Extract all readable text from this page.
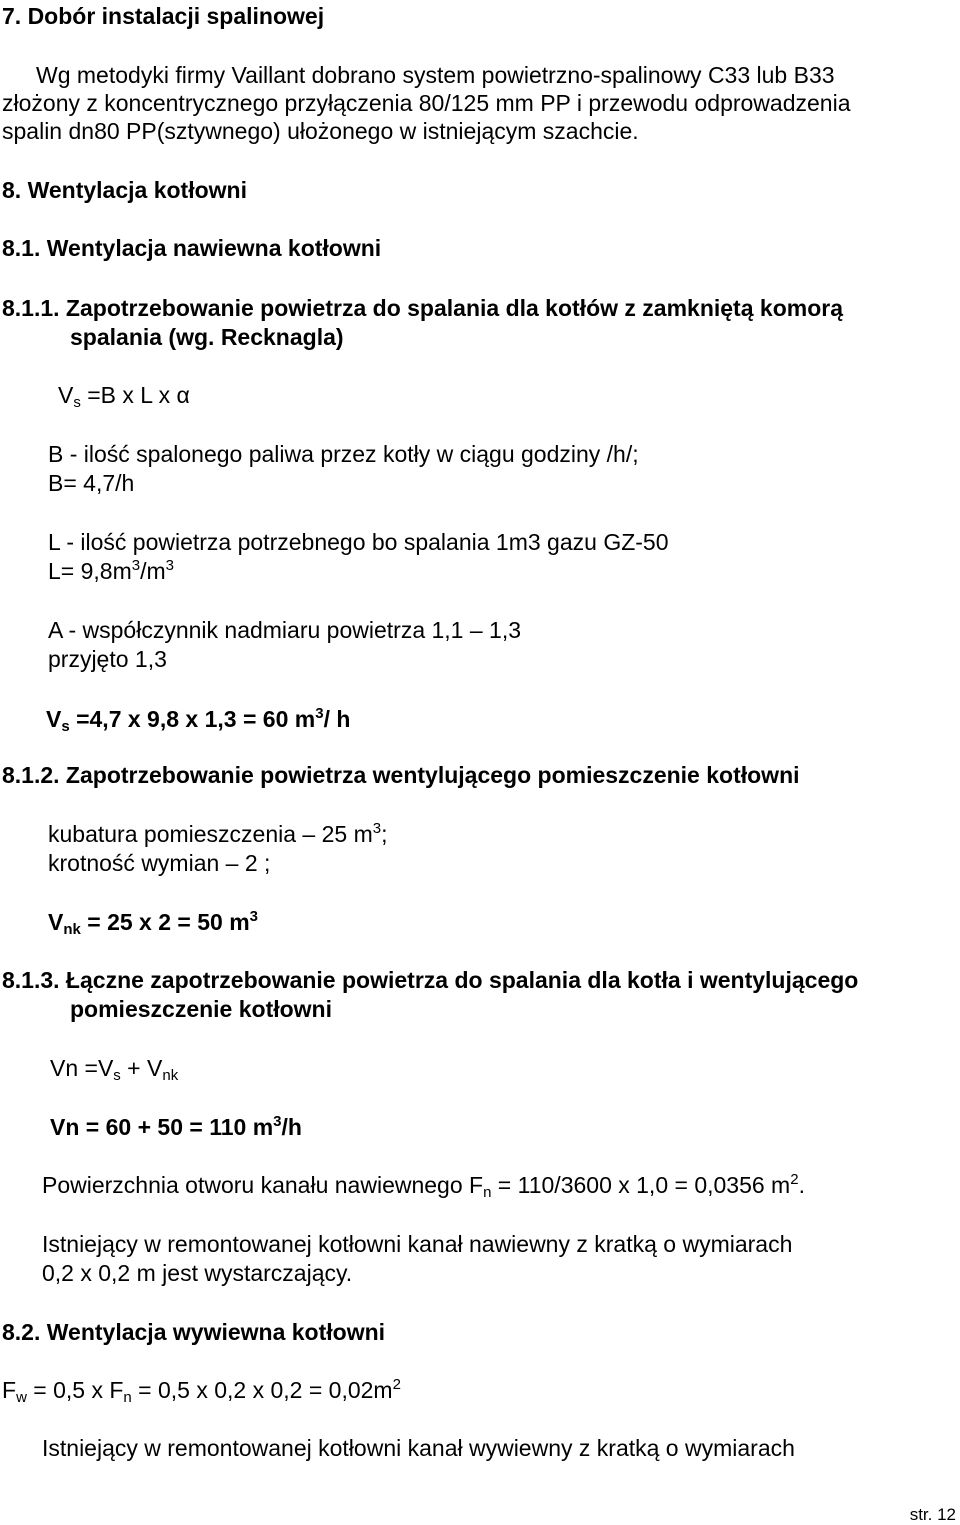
7. Dobór instalacji spalinowej
Wg metodyki firmy Vaillant dobrano system powietrzno-spalinowy C33 lub B33
złożony z koncentrycznego przyłączenia 80/125 mm PP i przewodu odprowadzenia
spalin dn80 PP(sztywnego) ułożonego w istniejącym szachcie.
8. Wentylacja kotłowni
8.1. Wentylacja nawiewna kotłowni
8.1.1. Zapotrzebowanie powietrza do spalania dla kotłów z zamkniętą komorą
spalania (wg. Recknagla)
$V_s =B$ x L x α
B - ilość spalonego paliwa przez kotły w ciągu godziny /h/;
B= 4,7/h
L - ilość powietrza potrzebnego bo spalania 1m3 gazu GZ-50
$L= 9,8m^3/m^3$
A - współczynnik nadmiaru powietrza 1,1 – 1,3
przyjęto 1,3
$V_s =4,7$ x 9,8 x 1,3 = 60 $m^3/$ h
8.1.2. Zapotrzebowanie powietrza wentylującego pomieszczenie kotłowni
kubatura pomieszczenia – 25 $m^3$;
krotność wymian – 2 ;
$V_{nk} = 25$ x 2 = 50 $m^3$
8.1.3. Łączne zapotrzebowanie powietrza do spalania dla kotła i wentylującego
pomieszczenie kotłowni
$Vn =V_s + V_{nk}$
Vn = 60 + 50 = 110 $m^3/h$
Powierzchnia otworu kanału nawiewnego $F_n = 110/3600$ x 1,0 = 0,0356 $m^2$.
Istniejący w remontowanej kotłowni kanał nawiewny z kratką o wymiarach
0,2 x 0,2 m jest wystarczający.
8.2. Wentylacja wywiewna kotłowni
$F_w = 0,5$ x $F_n = 0,5$ x 0,2 x $0,2 = 0,02m^2$
Istniejący w remontowanej kotłowni kanał wywiewny z kratką o wymiarach
str. 12
